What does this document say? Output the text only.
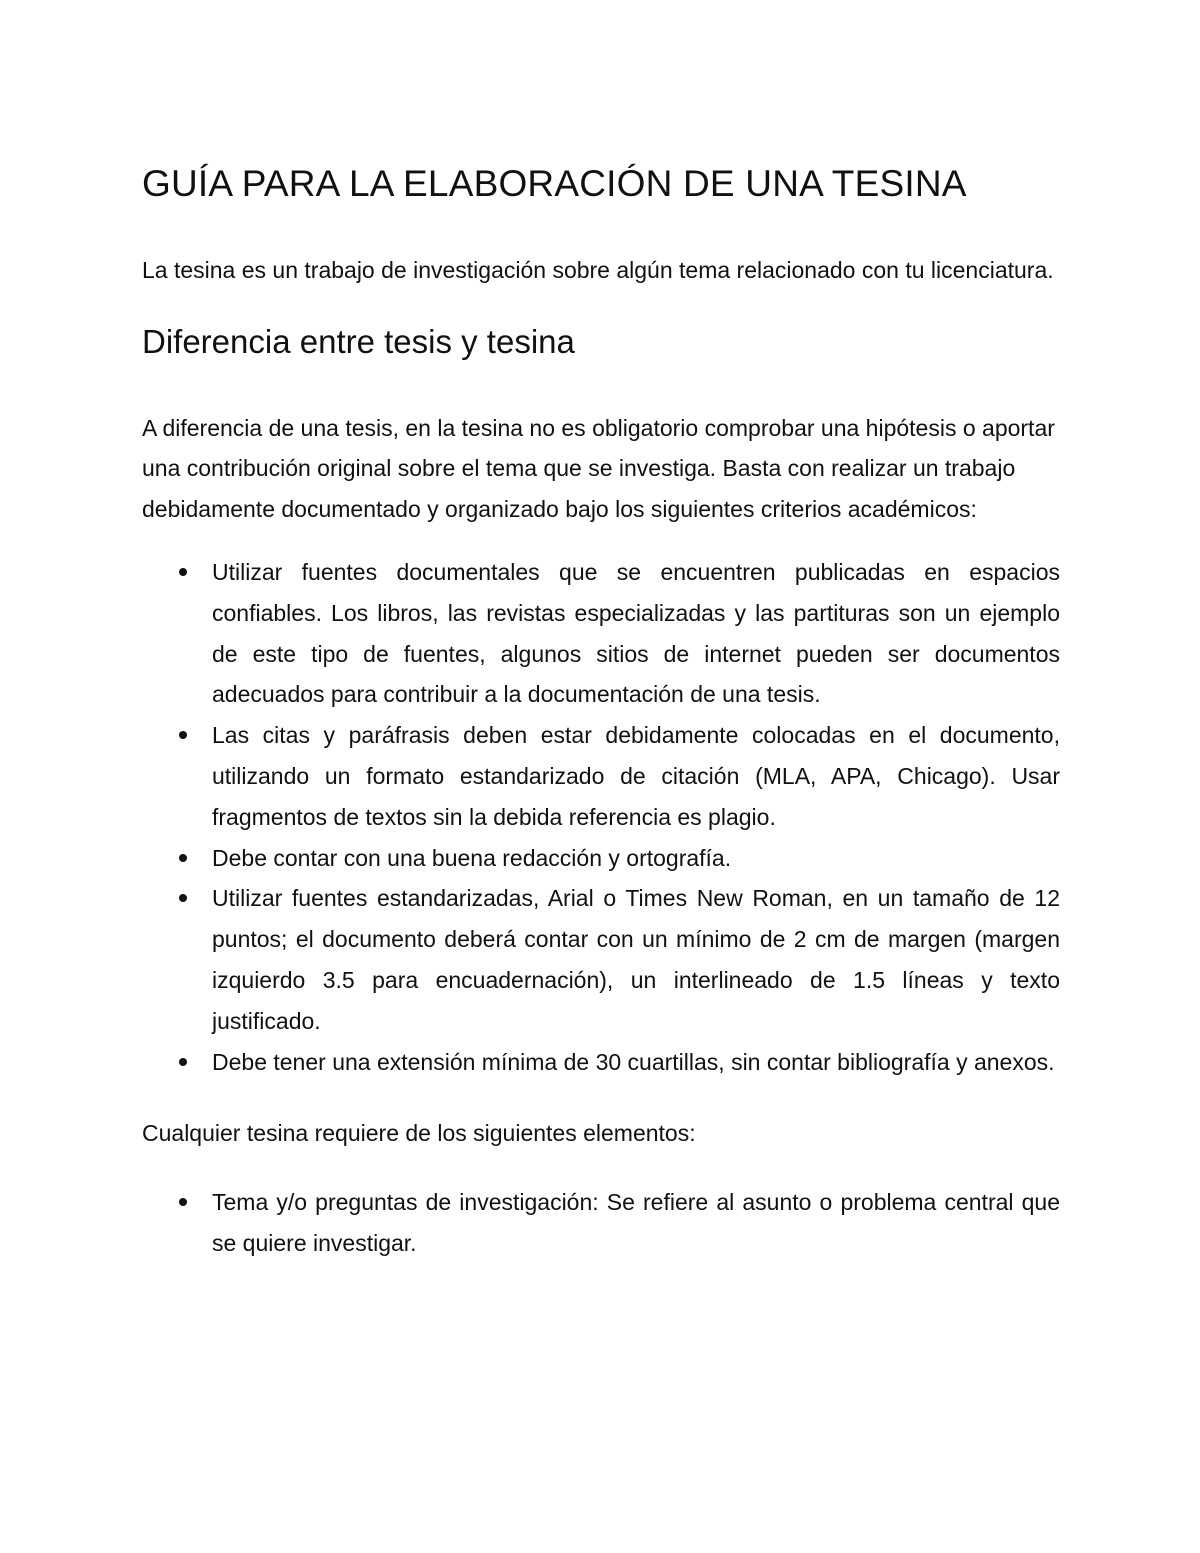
GUÍA PARA LA ELABORACIÓN DE UNA TESINA

La tesina es un trabajo de investigación sobre algún tema relacionado con tu licenciatura.

Diferencia entre tesis y tesina

A diferencia de una tesis, en la tesina no es obligatorio comprobar una hipótesis o aportar una contribución original sobre el tema que se investiga. Basta con realizar un trabajo debidamente documentado y organizado bajo los siguientes criterios académicos:

Utilizar fuentes documentales que se encuentren publicadas en espacios confiables. Los libros, las revistas especializadas y las partituras son un ejemplo de este tipo de fuentes, algunos sitios de internet pueden ser documentos adecuados para contribuir a la documentación de una tesis.
Las citas y paráfrasis deben estar debidamente colocadas en el documento, utilizando un formato estandarizado de citación (MLA, APA, Chicago). Usar fragmentos de textos sin la debida referencia es plagio.
Debe contar con una buena redacción y ortografía.
Utilizar fuentes estandarizadas, Arial o Times New Roman, en un tamaño de 12 puntos; el documento deberá contar con un mínimo de 2 cm de margen (margen izquierdo 3.5 para encuadernación), un interlineado de 1.5 líneas y texto justificado.
Debe tener una extensión mínima de 30 cuartillas, sin contar bibliografía y anexos.

Cualquier tesina requiere de los siguientes elementos:

Tema y/o preguntas de investigación: Se refiere al asunto o problema central que se quiere investigar.
